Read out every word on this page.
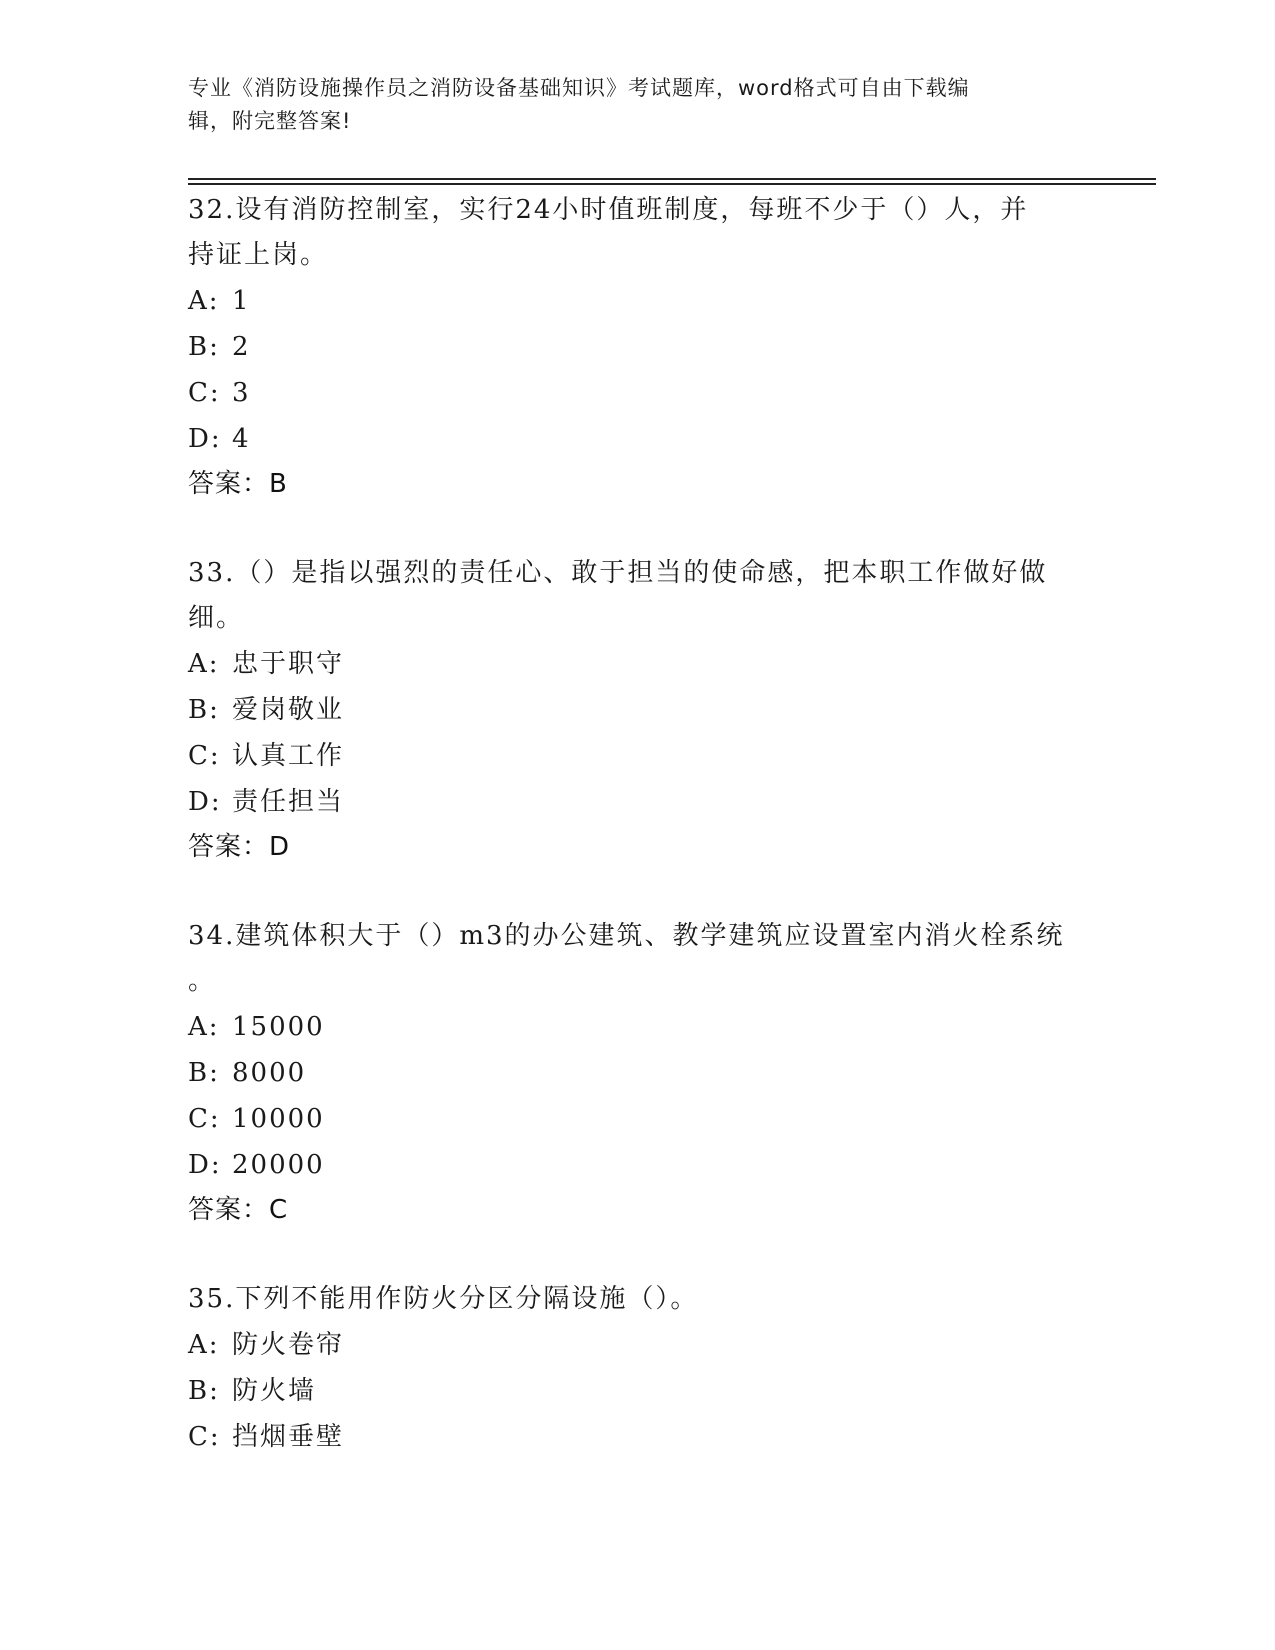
专业《消防设施操作员之消防设备基础知识》考试题库，word格式可自由下载编
辑，附完整答案!
32.设有消防控制室，实行24小时值班制度，每班不少于（）人，并
持证上岗。
A: 1
B: 2
C: 3
D: 4
答案：B
33.（）是指以强烈的责任心、敢于担当的使命感，把本职工作做好做
细。
A: 忠于职守
B: 爱岗敬业
C: 认真工作
D: 责任担当
答案：D
34.建筑体积大于（）m3的办公建筑、教学建筑应设置室内消火栓系统
。
A: 15000
B: 8000
C: 10000
D: 20000
答案：C
35.下列不能用作防火分区分隔设施（）。
A: 防火卷帘
B: 防火墙
C: 挡烟垂壁
